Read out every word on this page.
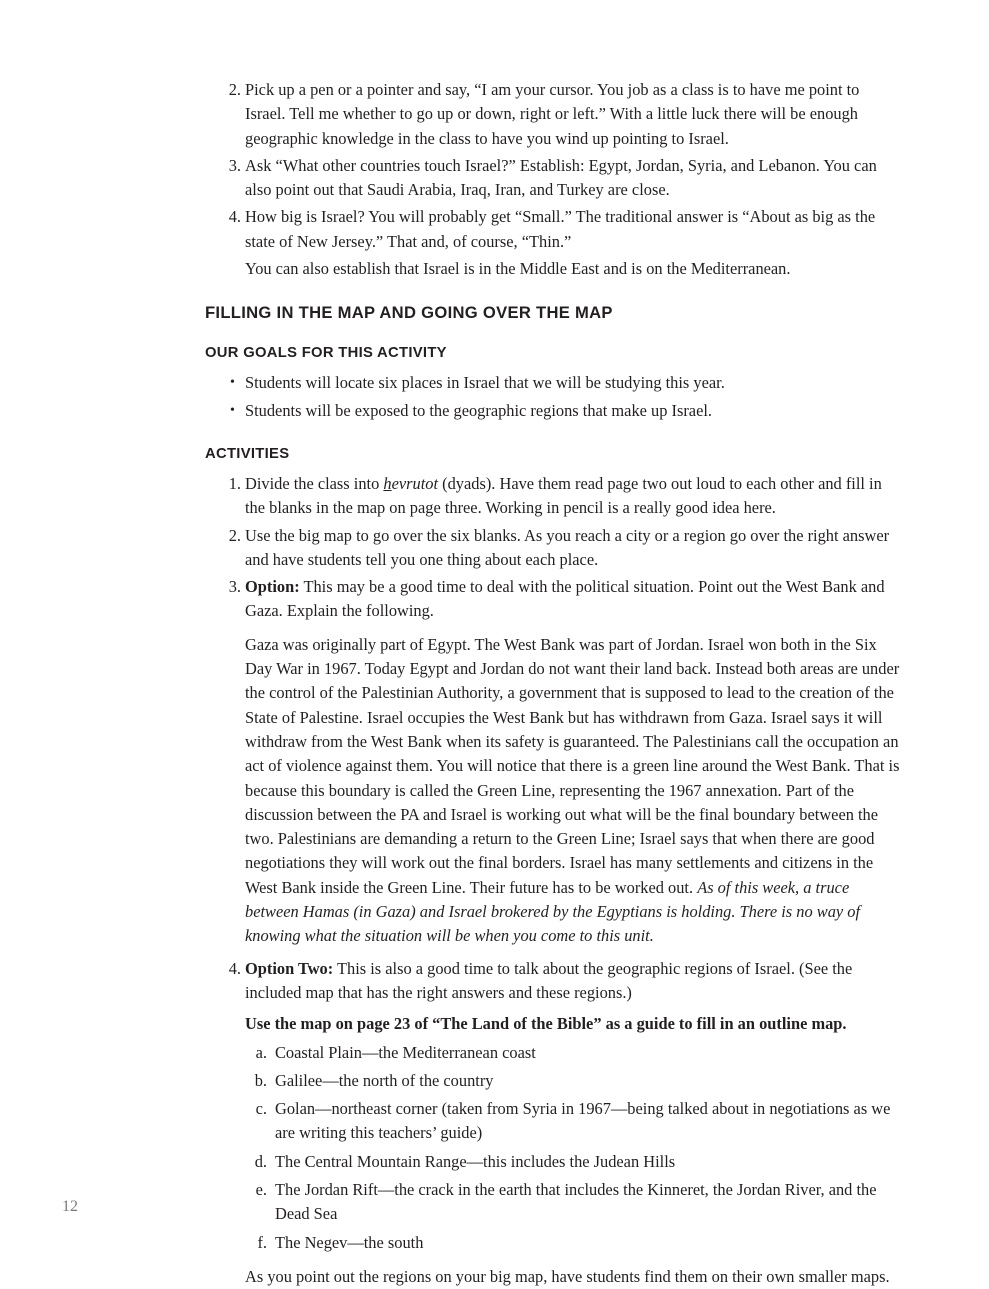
2. Pick up a pen or a pointer and say, “I am your cursor. You job as a class is to have me point to Israel. Tell me whether to go up or down, right or left.” With a little luck there will be enough geographic knowledge in the class to have you wind up pointing to Israel.
3. Ask “What other countries touch Israel?” Establish: Egypt, Jordan, Syria, and Lebanon. You can also point out that Saudi Arabia, Iraq, Iran, and Turkey are close.
4. How big is Israel? You will probably get “Small.” The traditional answer is “About as big as the state of New Jersey.” That and, of course, “Thin.”

You can also establish that Israel is in the Middle East and is on the Mediterranean.

FILLING IN THE MAP AND GOING OVER THE MAP
OUR GOALS FOR THIS ACTIVITY
• Students will locate six places in Israel that we will be studying this year.
• Students will be exposed to the geographic regions that make up Israel.
ACTIVITIES
1. Divide the class into hevrutot (dyads). Have them read page two out loud to each other and fill in the blanks in the map on page three. Working in pencil is a really good idea here.
2. Use the big map to go over the six blanks. As you reach a city or a region go over the right answer and have students tell you one thing about each place.
3. Option: This may be a good time to deal with the political situation. Point out the West Bank and Gaza. Explain the following.

Gaza was originally part of Egypt. The West Bank was part of Jordan. Israel won both in the Six Day War in 1967. Today Egypt and Jordan do not want their land back. Instead both areas are under the control of the Palestinian Authority, a government that is supposed to lead to the creation of the State of Palestine. Israel occupies the West Bank but has withdrawn from Gaza. Israel says it will withdraw from the West Bank when its safety is guaranteed. The Palestinians call the occupation an act of violence against them. You will notice that there is a green line around the West Bank. That is because this boundary is called the Green Line, representing the 1967 annexation. Part of the discussion between the PA and Israel is working out what will be the final boundary between the two. Palestinians are demanding a return to the Green Line; Israel says that when there are good negotiations they will work out the final borders. Israel has many settlements and citizens in the West Bank inside the Green Line. Their future has to be worked out. As of this week, a truce between Hamas (in Gaza) and Israel brokered by the Egyptians is holding. There is no way of knowing what the situation will be when you come to this unit.

4. Option Two: This is also a good time to talk about the geographic regions of Israel. (See the included map that has the right answers and these regions.)

Use the map on page 23 of “The Land of the Bible” as a guide to fill in an outline map.

a. Coastal Plain—the Mediterranean coast
b. Galilee—the north of the country
c. Golan—northeast corner (taken from Syria in 1967—being talked about in negotiations as we are writing this teachers’ guide)
d. The Central Mountain Range—this includes the Judean Hills
e. The Jordan Rift—the crack in the earth that includes the Kinneret, the Jordan River, and the Dead Sea
f. The Negev—the south

As you point out the regions on your big map, have students find them on their own smaller maps.

12
